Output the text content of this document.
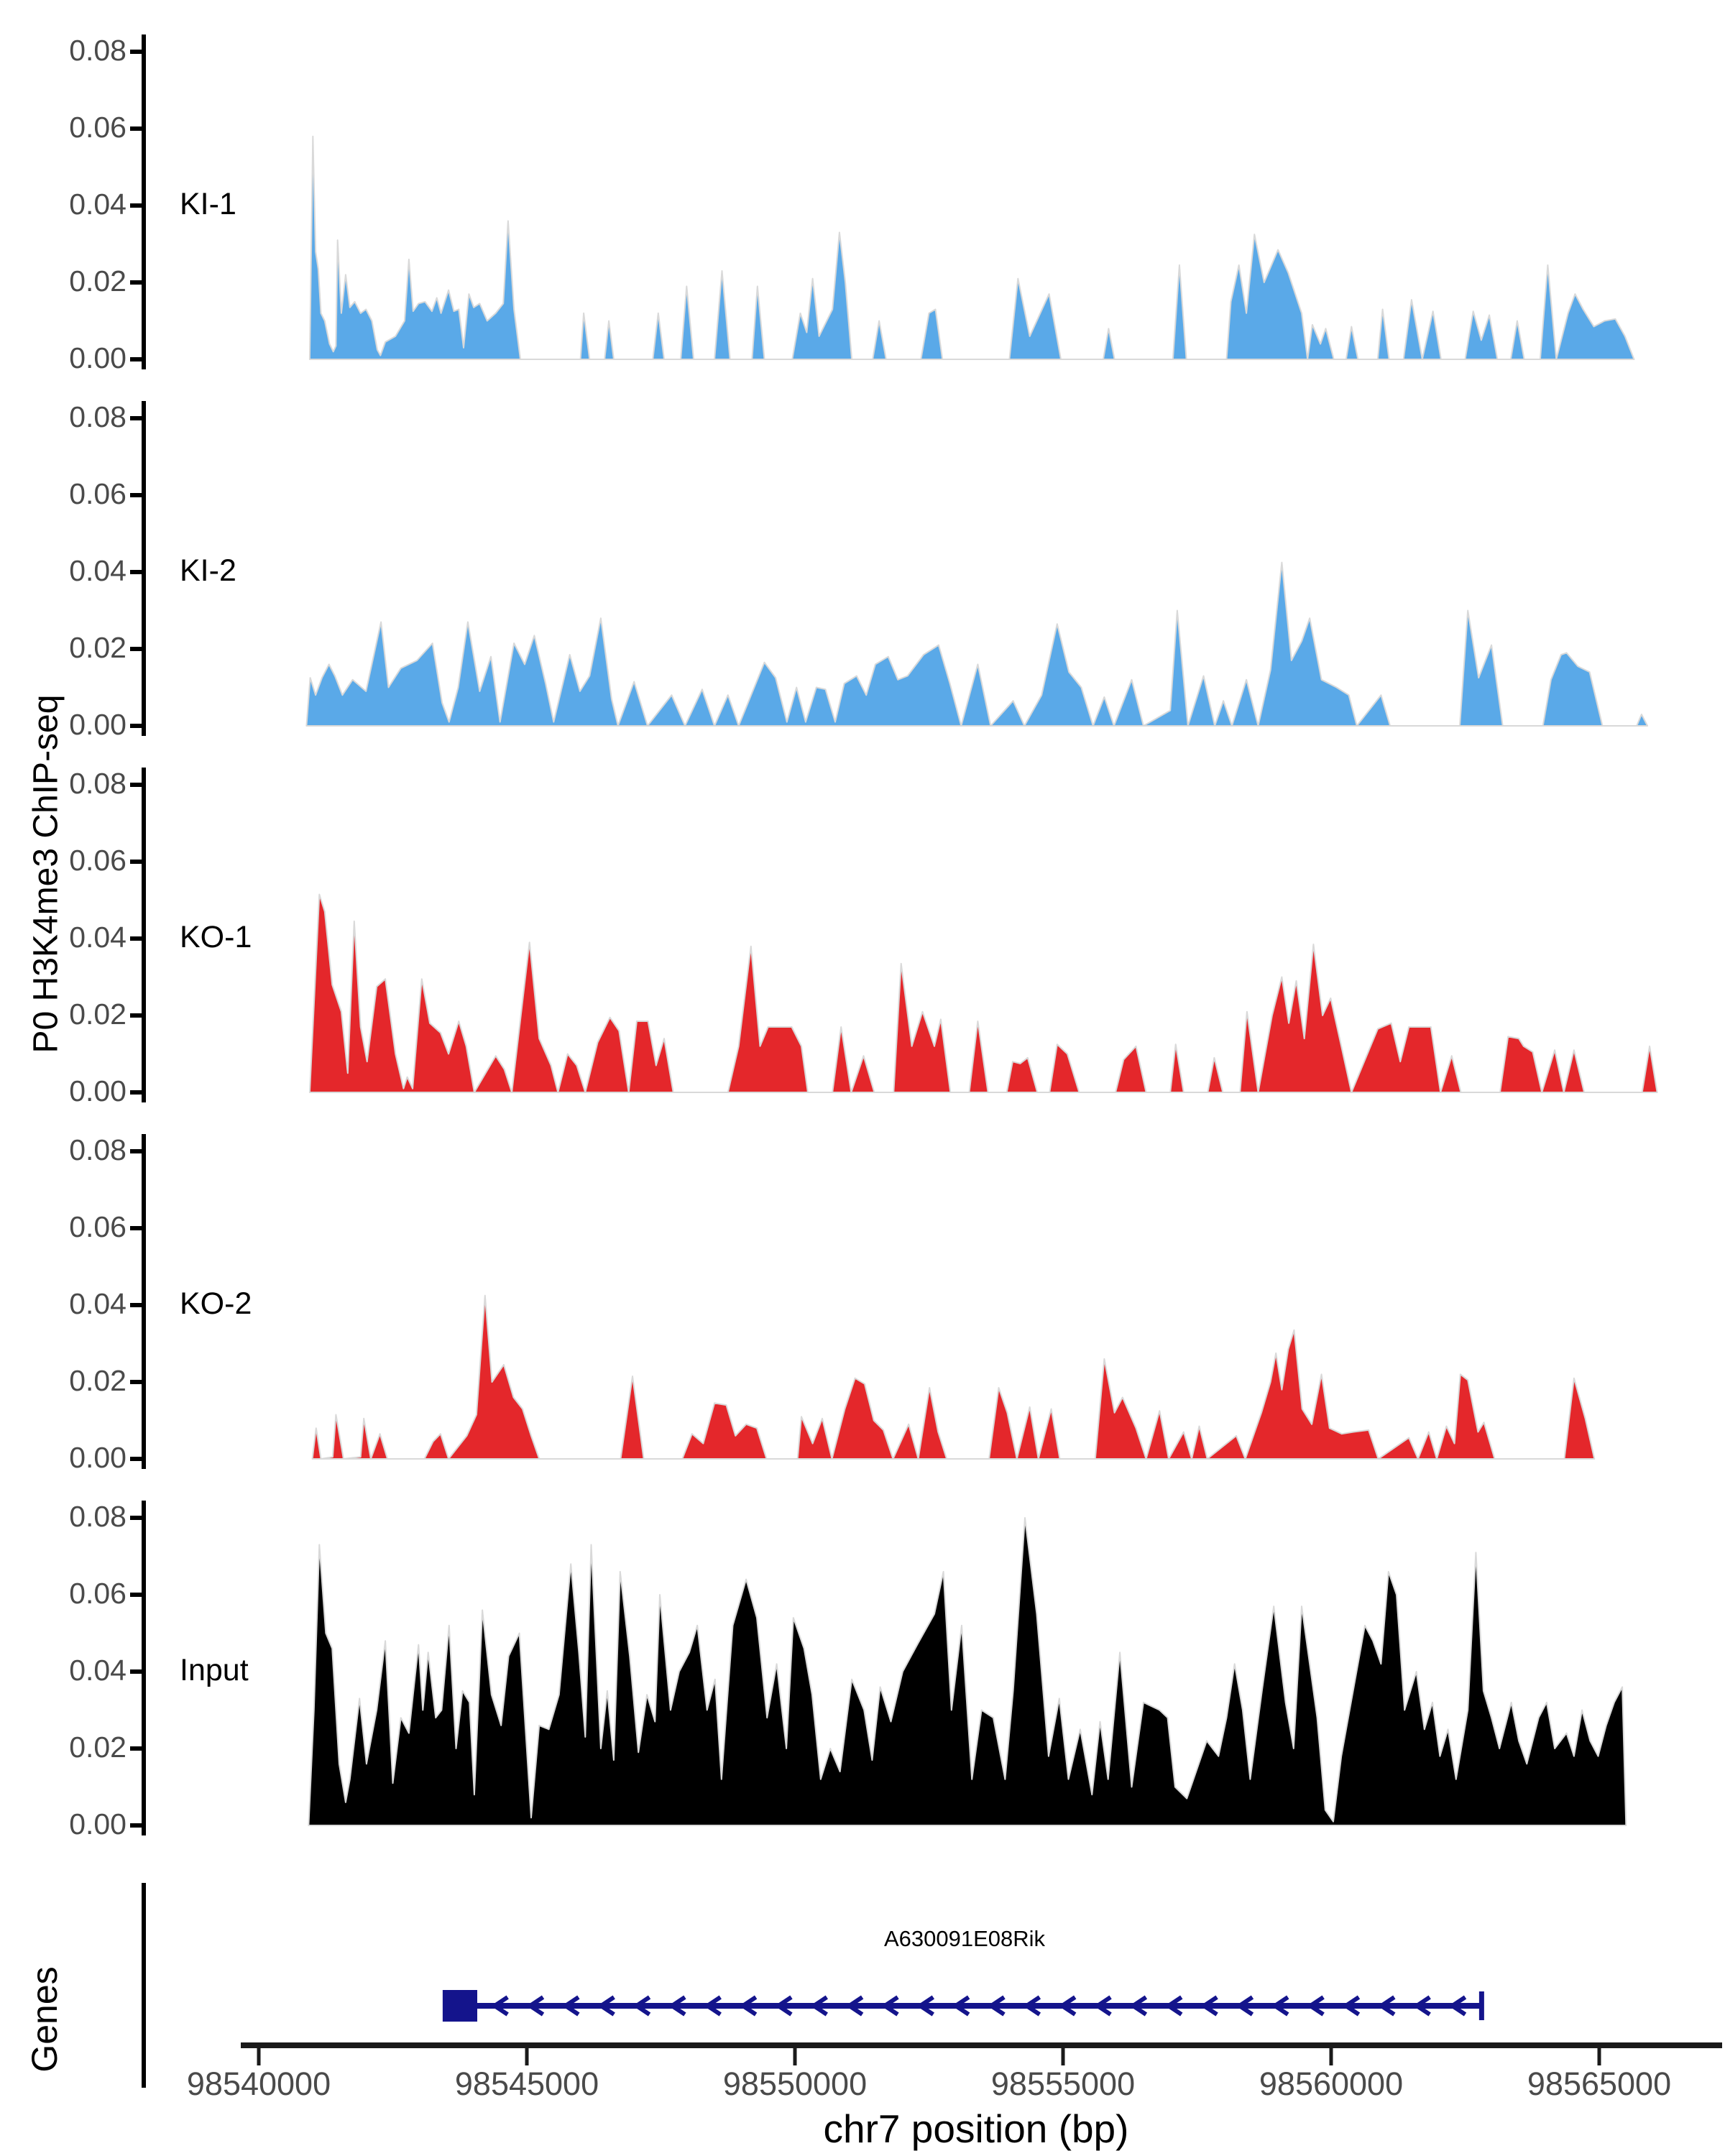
0.08
0.06
0.04
0.02
0.00
KI-1
0.08
0.06
0.04
0.02
0.00
KI-2
0.08
0.06
0.04
0.02
0.00
KO-1
0.08
0.06
0.04
0.02
0.00
KO-2
0.08
0.06
0.04
0.02
0.00
Input
98540000	98545000	98550000	98555000	98560000	98565000
P0 H3K4me3 ChIP-seq
Genes
A630091E08Rik
chr7 position (bp)
